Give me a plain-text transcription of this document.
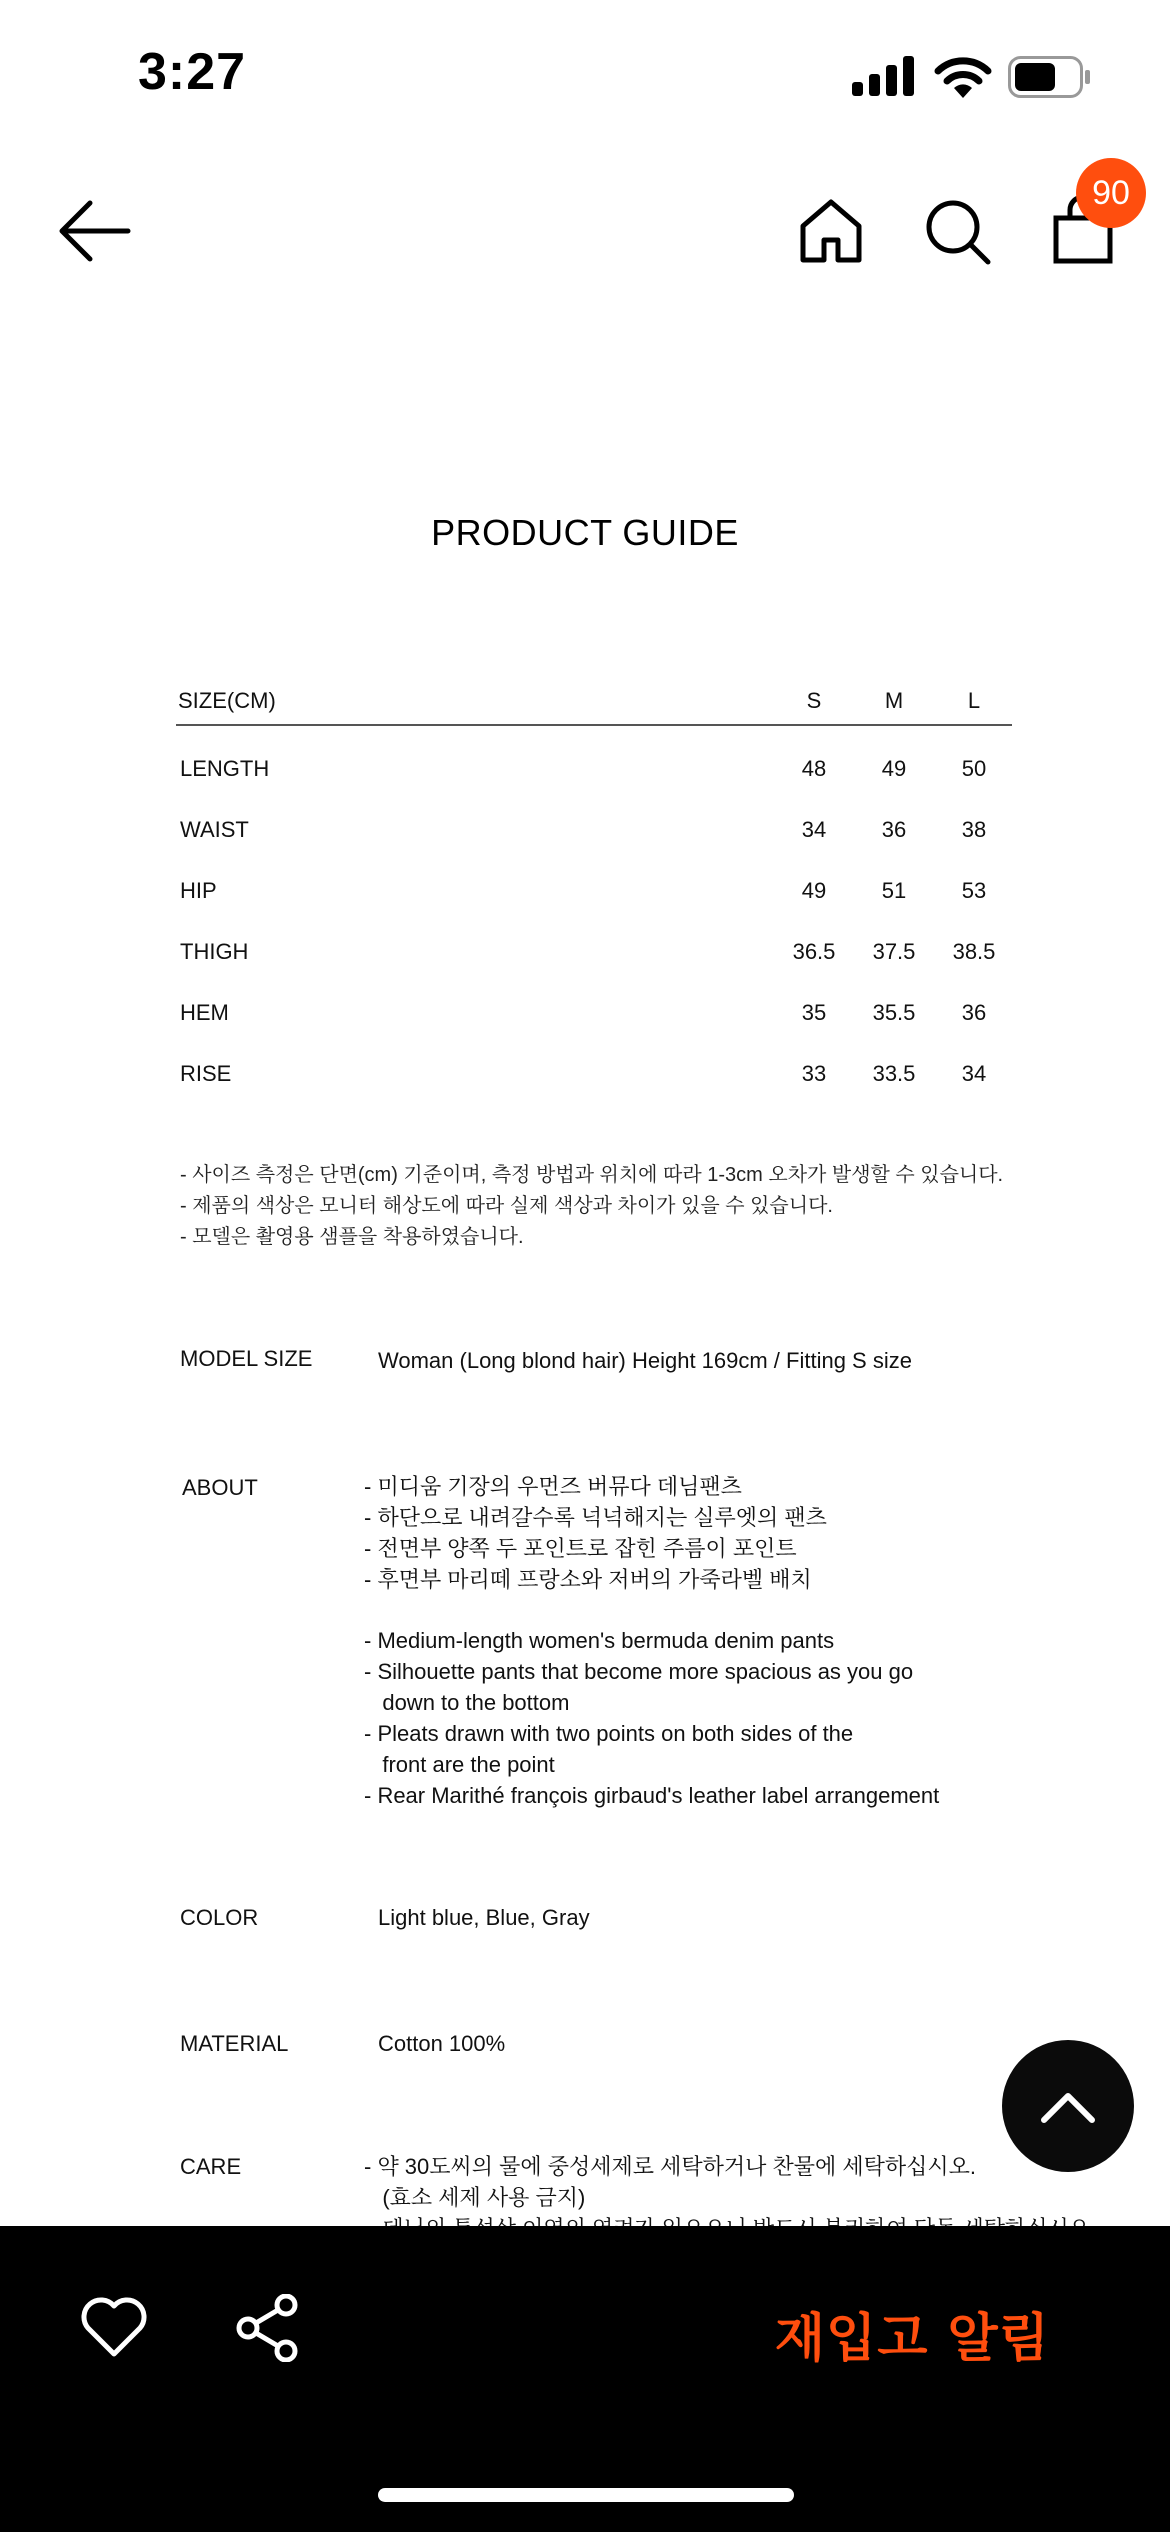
3:27
90
PRODUCT GUIDE
SIZE(CM)	S	M	L
LENGTH	48	49	50
WAIST	34	36	38
HIP	49	51	53
THIGH	36.5	37.5	38.5
HEM	35	35.5	36
RISE	33	33.5	34
- 사이즈 측정은 단면(cm) 기준이며, 측정 방법과 위치에 따라 1-3cm 오차가 발생할 수 있습니다.
- 제품의 색상은 모니터 해상도에 따라 실제 색상과 차이가 있을 수 있습니다.
- 모델은 촬영용 샘플을 착용하였습니다.
MODEL SIZE	Woman (Long blond hair) Height 169cm / Fitting S size
ABOUT	- 미디움 기장의 우먼즈 버뮤다 데님팬츠
- 하단으로 내려갈수록 넉넉해지는 실루엣의 팬츠
- 전면부 양쪽 두 포인트로 잡힌 주름이 포인트
- 후면부 마리떼 프랑소와 저버의 가죽라벨 배치
- Medium-length women's bermuda denim pants
- Silhouette pants that become more spacious as you go
down to the bottom
- Pleats drawn with two points on both sides of the
front are the point
- Rear Marithé françois girbaud's leather label arrangement
COLOR	Light blue, Blue, Gray
MATERIAL	Cotton 100%
CARE	- 약 30도씨의 물에 중성세제로 세탁하거나 찬물에 세탁하십시오.
(효소 세제 사용 금지)
재입고 알림
